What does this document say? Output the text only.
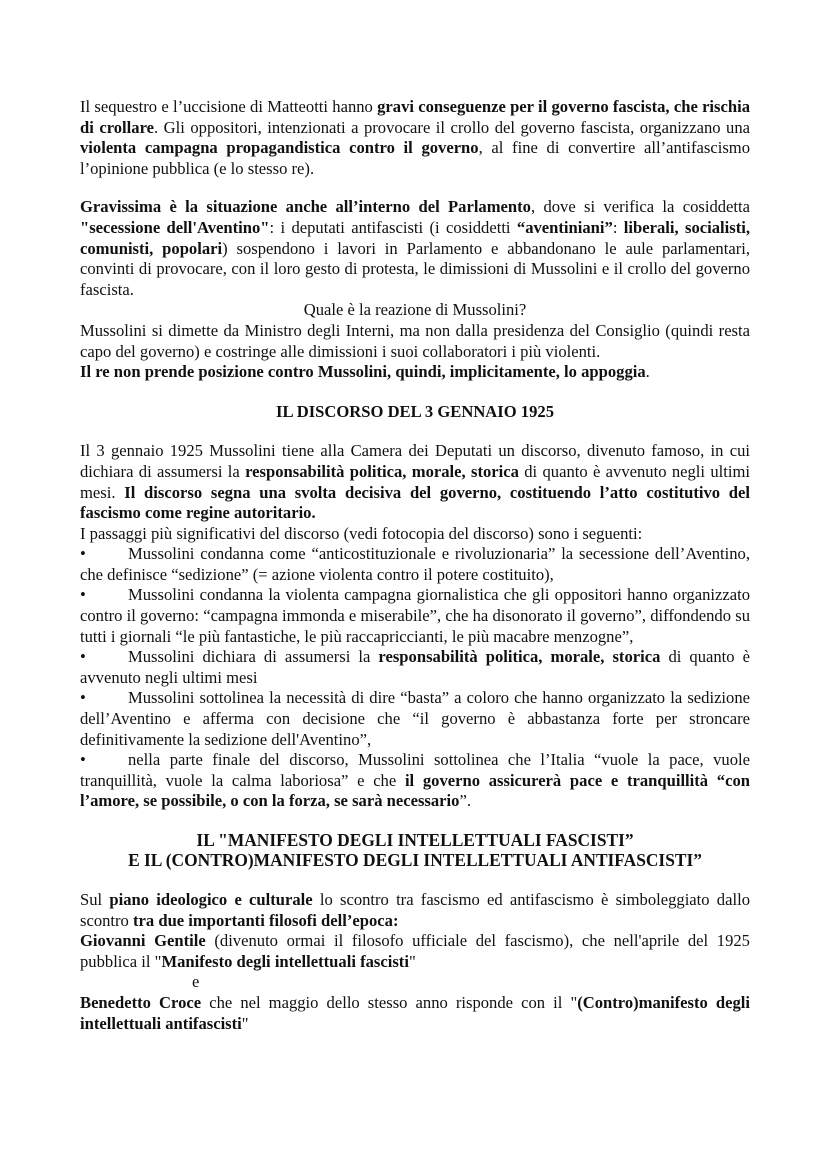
Il sequestro e l’uccisione di Matteotti hanno gravi conseguenze per il governo fascista, che rischia di crollare. Gli oppositori, intenzionati a provocare il crollo del governo fascista, organizzano una violenta campagna propagandistica contro il governo, al fine di convertire all’antifascismo l’opinione pubblica (e lo stesso re).

Gravissima è la situazione anche all’interno del Parlamento, dove si verifica la cosiddetta "secessione dell'Aventino": i deputati antifascisti (i cosiddetti “aventiniani”: liberali, socialisti, comunisti, popolari) sospendono i lavori in Parlamento e abbandonano le aule parlamentari, convinti di provocare, con il loro gesto di protesta, le dimissioni di Mussolini e il crollo del governo fascista.

Quale è la reazione di Mussolini?

Mussolini si dimette da Ministro degli Interni, ma non dalla presidenza del Consiglio (quindi resta capo del governo) e costringe alle dimissioni i suoi collaboratori i più violenti.

Il re non prende posizione contro Mussolini, quindi, implicitamente, lo appoggia.

IL DISCORSO DEL 3 GENNAIO 1925

Il 3 gennaio 1925 Mussolini tiene alla Camera dei Deputati un discorso, divenuto famoso, in cui dichiara di assumersi la responsabilità politica, morale, storica di quanto è avvenuto negli ultimi mesi. Il discorso segna una svolta decisiva del governo, costituendo l’atto costitutivo del fascismo come regine autoritario.

I passaggi più significativi del discorso (vedi fotocopia del discorso) sono i seguenti:

•	Mussolini condanna come “anticostituzionale e rivoluzionaria” la secessione dell’Aventino, che definisce “sedizione” (= azione violenta contro il potere costituito),

•	Mussolini condanna la violenta campagna giornalistica che gli oppositori hanno organizzato contro il governo: “campagna immonda e miserabile”, che ha disonorato il governo”, diffondendo su tutti i giornali “le più fantastiche, le più raccapriccianti, le più macabre menzogne”,

•	Mussolini dichiara di assumersi la responsabilità politica, morale, storica di quanto è avvenuto negli ultimi mesi

•	Mussolini sottolinea la necessità di dire “basta” a coloro che hanno organizzato la sedizione dell’Aventino e afferma con decisione che “il governo è abbastanza forte per stroncare definitivamente la sedizione dell'Aventino”,

•	nella parte finale del discorso, Mussolini sottolinea che l’Italia “vuole la pace, vuole tranquillità, vuole la calma laboriosa” e che il governo assicurerà pace e tranquillità “con l’amore, se possibile, o con la forza, se sarà necessario”.

IL "MANIFESTO DEGLI INTELLETTUALI FASCISTI”

E IL (CONTRO)MANIFESTO DEGLI INTELLETTUALI ANTIFASCISTI”

Sul piano ideologico e culturale lo scontro tra fascismo ed antifascismo è simboleggiato dallo scontro tra due importanti filosofi dell’epoca:

Giovanni Gentile (divenuto ormai il filosofo ufficiale del fascismo), che nell'aprile del 1925 pubblica il "Manifesto degli intellettuali fascisti"

e

Benedetto Croce che nel maggio dello stesso anno risponde con il "(Contro)manifesto degli intellettuali antifascisti"
